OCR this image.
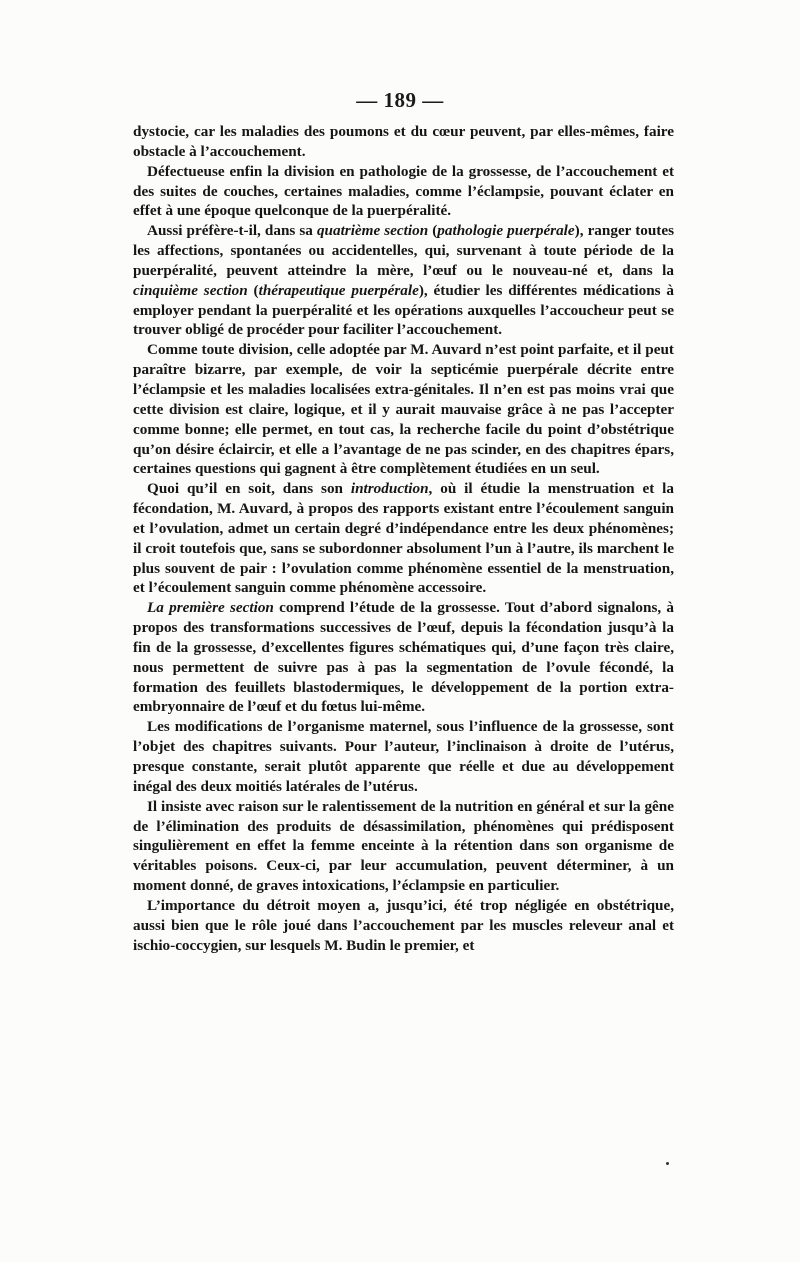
— 189 —

dystocie, car les maladies des poumons et du cœur peuvent, par elles-mêmes, faire obstacle à l’accouchement.

Défectueuse enfin la division en pathologie de la grossesse, de l’accouchement et des suites de couches, certaines maladies, comme l’éclampsie, pouvant éclater en effet à une époque quelconque de la puerpéralité.

Aussi préfère-t-il, dans sa quatrième section (pathologie puerpérale), ranger toutes les affections, spontanées ou accidentelles, qui, survenant à toute période de la puerpéralité, peuvent atteindre la mère, l’œuf ou le nouveau-né et, dans la cinquième section (thérapeutique puerpérale), étudier les différentes médications à employer pendant la puerpéralité et les opérations auxquelles l’accoucheur peut se trouver obligé de procéder pour faciliter l’accouchement.

Comme toute division, celle adoptée par M. Auvard n’est point parfaite, et il peut paraître bizarre, par exemple, de voir la septicémie puerpérale décrite entre l’éclampsie et les maladies localisées extra-génitales. Il n’en est pas moins vrai que cette division est claire, logique, et il y aurait mauvaise grâce à ne pas l’accepter comme bonne; elle permet, en tout cas, la recherche facile du point d’obstétrique qu’on désire éclaircir, et elle a l’avantage de ne pas scinder, en des chapitres épars, certaines questions qui gagnent à être complètement étudiées en un seul.

Quoi qu’il en soit, dans son introduction, où il étudie la menstruation et la fécondation, M. Auvard, à propos des rapports existant entre l’écoulement sanguin et l’ovulation, admet un certain degré d’indépendance entre les deux phénomènes; il croit toutefois que, sans se subordonner absolument l’un à l’autre, ils marchent le plus souvent de pair : l’ovulation comme phénomène essentiel de la menstruation, et l’écoulement sanguin comme phénomène accessoire.

La première section comprend l’étude de la grossesse. Tout d’abord signalons, à propos des transformations successives de l’œuf, depuis la fécondation jusqu’à la fin de la grossesse, d’excellentes figures schématiques qui, d’une façon très claire, nous permettent de suivre pas à pas la segmentation de l’ovule fécondé, la formation des feuillets blastodermiques, le développement de la portion extra-embryonnaire de l’œuf et du fœtus lui-même.

Les modifications de l’organisme maternel, sous l’influence de la grossesse, sont l’objet des chapitres suivants. Pour l’auteur, l’inclinaison à droite de l’utérus, presque constante, serait plutôt apparente que réelle et due au développement inégal des deux moitiés latérales de l’utérus.

Il insiste avec raison sur le ralentissement de la nutrition en général et sur la gêne de l’élimination des produits de désassimilation, phénomènes qui prédisposent singulièrement en effet la femme enceinte à la rétention dans son organisme de véritables poisons. Ceux-ci, par leur accumulation, peuvent déterminer, à un moment donné, de graves intoxications, l’éclampsie en particulier.

L’importance du détroit moyen a, jusqu’ici, été trop négligée en obstétrique, aussi bien que le rôle joué dans l’accouchement par les muscles releveur anal et ischio-coccygien, sur lesquels M. Budin le premier, et
